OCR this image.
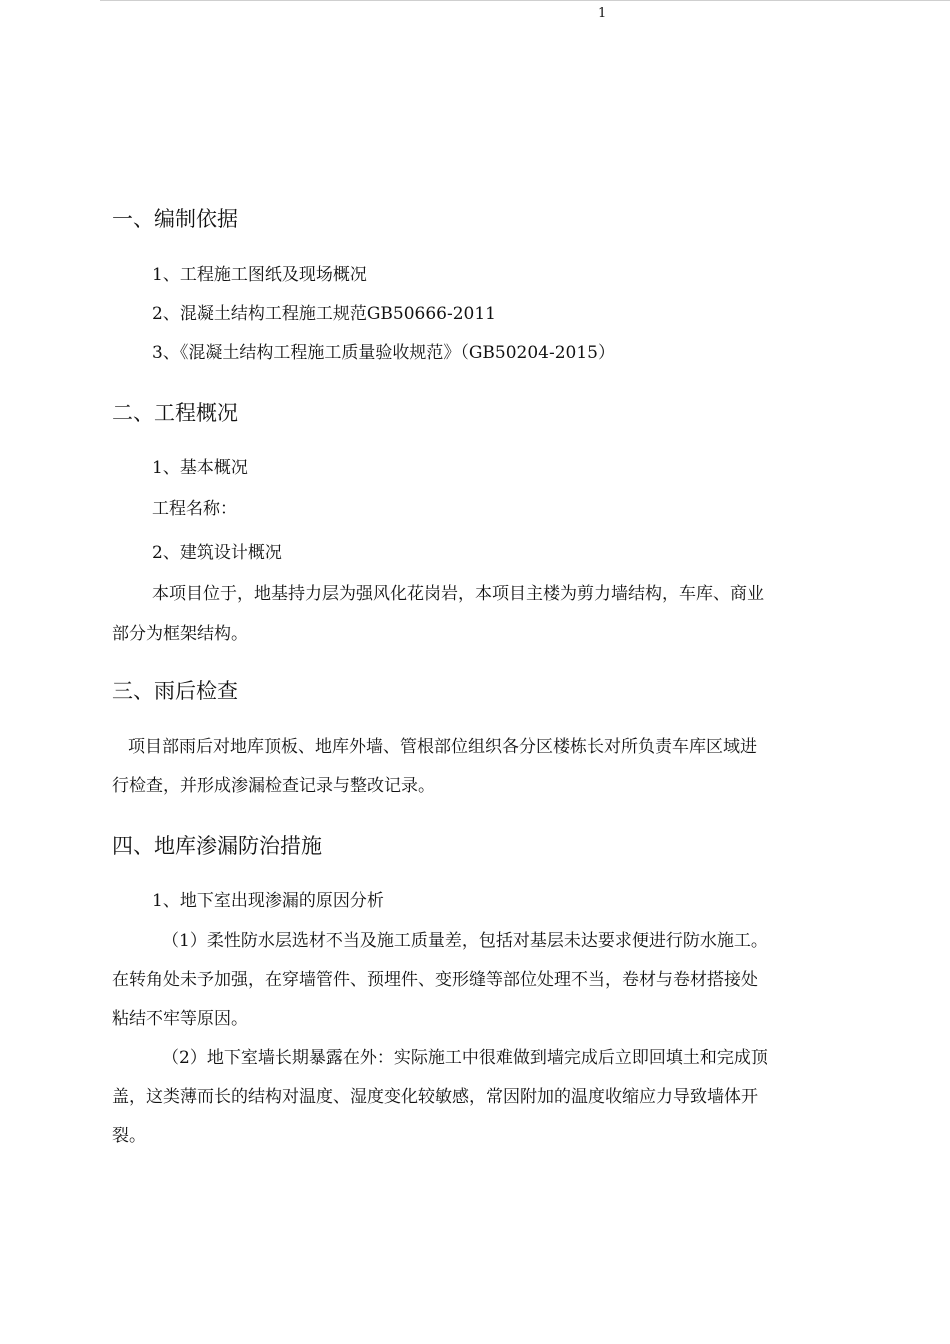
1
一、编制依据
1、工程施工图纸及现场概况
2、混凝土结构工程施工规范GB50666-2011
3、《混凝土结构工程施工质量验收规范》（GB50204-2015）
二、工程概况
1、基本概况
工程名称：
2、建筑设计概况
本项目位于，地基持力层为强风化花岗岩，本项目主楼为剪力墙结构，车库、商业
部分为框架结构。
三、雨后检查
项目部雨后对地库顶板、地库外墙、管根部位组织各分区楼栋长对所负责车库区域进
行检查，并形成渗漏检查记录与整改记录。
四、地库渗漏防治措施
1、地下室出现渗漏的原因分析
（1）柔性防水层选材不当及施工质量差，包括对基层未达要求便进行防水施工。
在转角处未予加强，在穿墙管件、预埋件、变形缝等部位处理不当，卷材与卷材搭接处
粘结不牢等原因。
（2）地下室墙长期暴露在外：实际施工中很难做到墙完成后立即回填土和完成顶
盖，这类薄而长的结构对温度、湿度变化较敏感，常因附加的温度收缩应力导致墙体开
裂。
